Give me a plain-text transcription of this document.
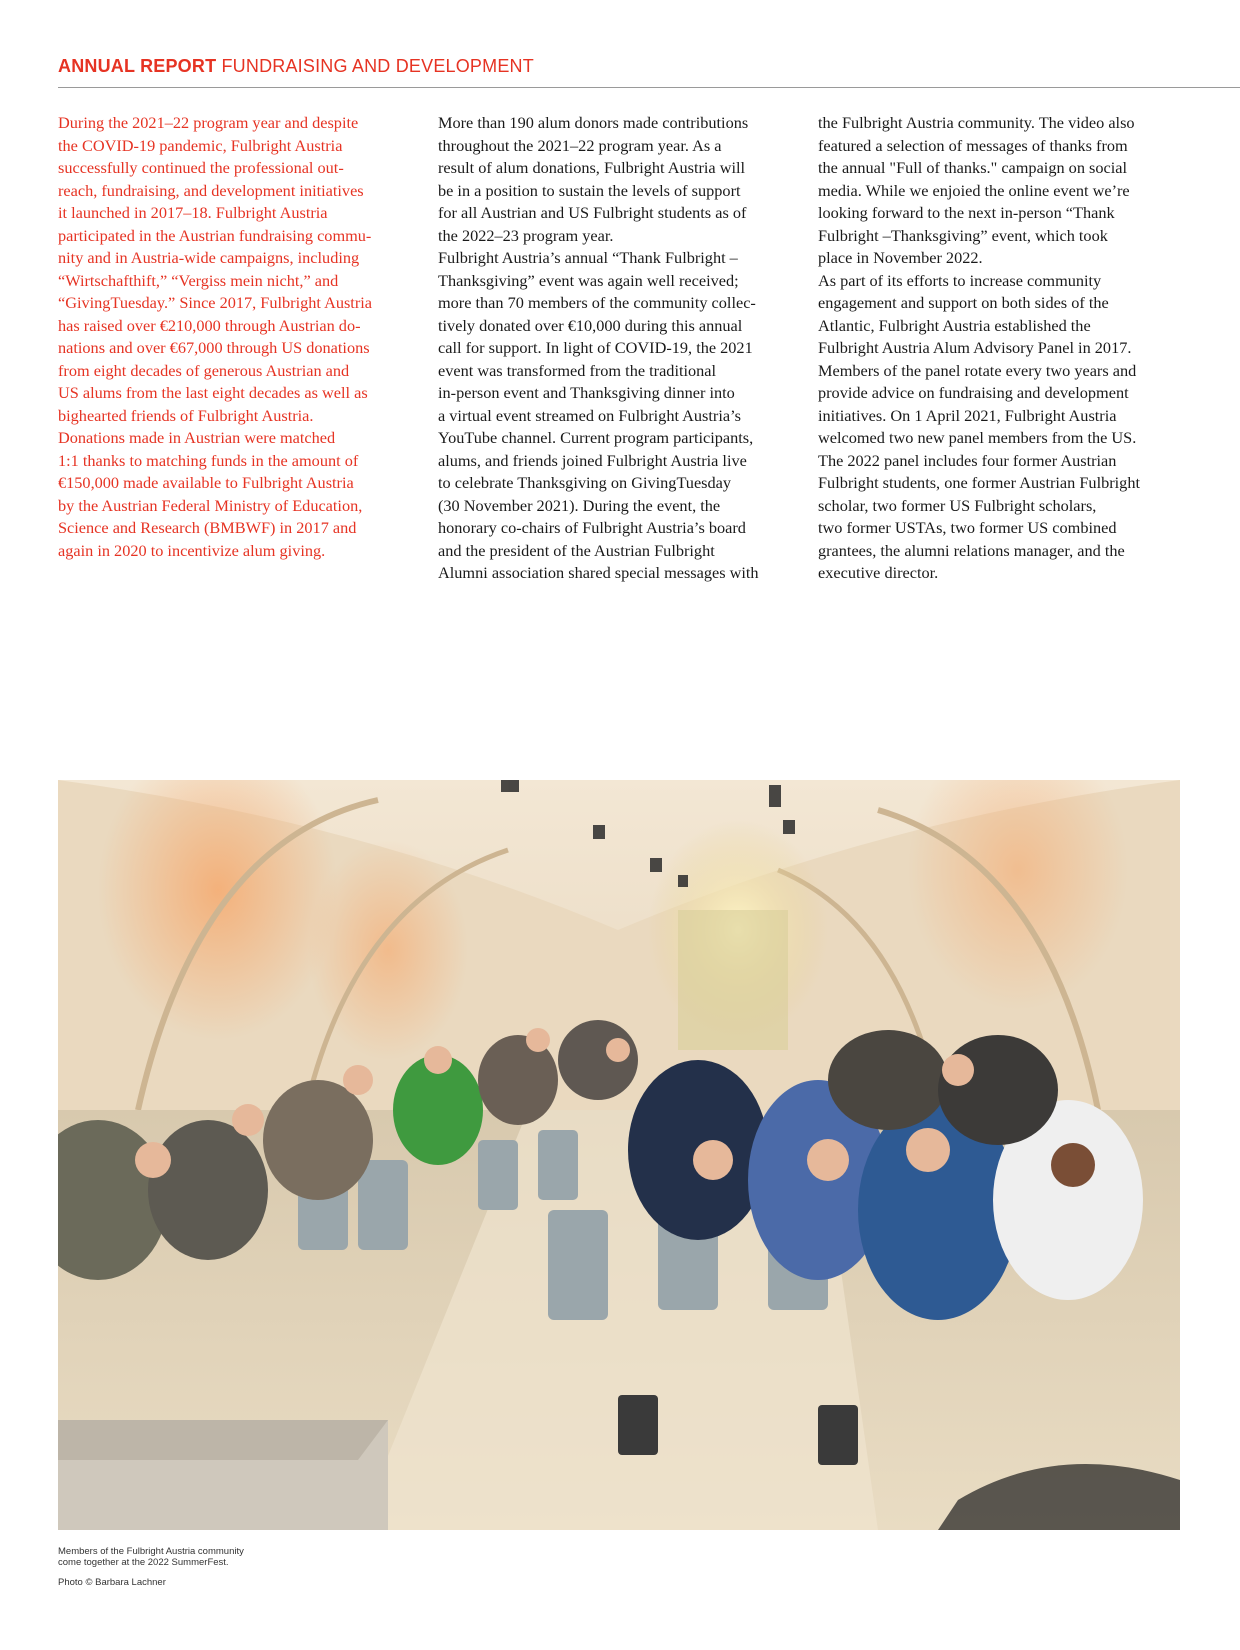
ANNUAL REPORT FUNDRAISING AND DEVELOPMENT
During the 2021–22 program year and despite
the COVID-19 pandemic, Fulbright Austria
successfully continued the professional out-
reach, fundraising, and development initiatives
it launched in 2017–18. Fulbright Austria
participated in the Austrian fundraising commu-
nity and in Austria-wide campaigns, including
“Wirtschafthift,” “Vergiss mein nicht,” and
“GivingTuesday.” Since 2017, Fulbright Austria
has raised over €210,000 through Austrian do-
nations and over €67,000 through US donations
from eight decades of generous Austrian and
US alums from the last eight decades as well as
bighearted friends of Fulbright Austria.
Donations made in Austrian were matched
1:1 thanks to matching funds in the amount of
€150,000 made available to Fulbright Austria
by the Austrian Federal Ministry of Education,
Science and Research (BMBWF) in 2017 and
again in 2020 to incentivize alum giving.
More than 190 alum donors made contributions
throughout the 2021–22 program year. As a
result of alum donations, Fulbright Austria will
be in a position to sustain the levels of support
for all Austrian and US Fulbright students as of
the 2022–23 program year.
Fulbright Austria’s annual “Thank Fulbright –
Thanksgiving” event was again well received;
more than 70 members of the community collec-
tively donated over €10,000 during this annual
call for support. In light of COVID-19, the 2021
event was transformed from the traditional
in-person event and Thanksgiving dinner into
a virtual event streamed on Fulbright Austria’s
YouTube channel. Current program participants,
alums, and friends joined Fulbright Austria live
to celebrate Thanksgiving on GivingTuesday
(30 November 2021). During the event, the
honorary co-chairs of Fulbright Austria’s board
and the president of the Austrian Fulbright
Alumni association shared special messages with
the Fulbright Austria community. The video also
featured a selection of messages of thanks from
the annual "Full of thanks." campaign on social
media. While we enjoied the online event we’re
looking forward to the next in-person “Thank
Fulbright –Thanksgiving” event, which took
place in November 2022.
As part of its efforts to increase community
engagement and support on both sides of the
Atlantic, Fulbright Austria established the
Fulbright Austria Alum Advisory Panel in 2017.
Members of the panel rotate every two years and
provide advice on fundraising and development
initiatives. On 1 April 2021, Fulbright Austria
welcomed two new panel members from the US.
The 2022 panel includes four former Austrian
Fulbright students, one former Austrian Fulbright
scholar, two former US Fulbright scholars,
two former USTAs, two former US combined
grantees, the alumni relations manager, and the
executive director.
Members of the Fulbright Austria community
come together at the 2022 SummerFest.
Photo © Barbara Lachner
